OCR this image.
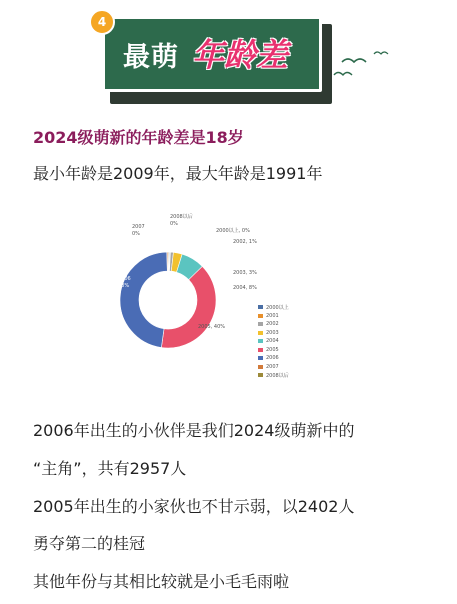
4
最萌 年龄差
2024级萌新的年龄差是18岁
最小年龄是2009年，最大年龄是1991年
2000以上, 0%
2002, 1%
2003, 3%
2004, 8%
2005, 40%
2006
48%
2007
0%
2008以后
0%
2000以上
2001
2002
2003
2004
2005
2006
2007
2008以后
2006年出生的小伙伴是我们2024级萌新中的
“主角”，共有2957人
2005年出生的小家伙也不甘示弱，以2402人
勇夺第二的桂冠
其他年份与其相比较就是小毛毛雨啦
